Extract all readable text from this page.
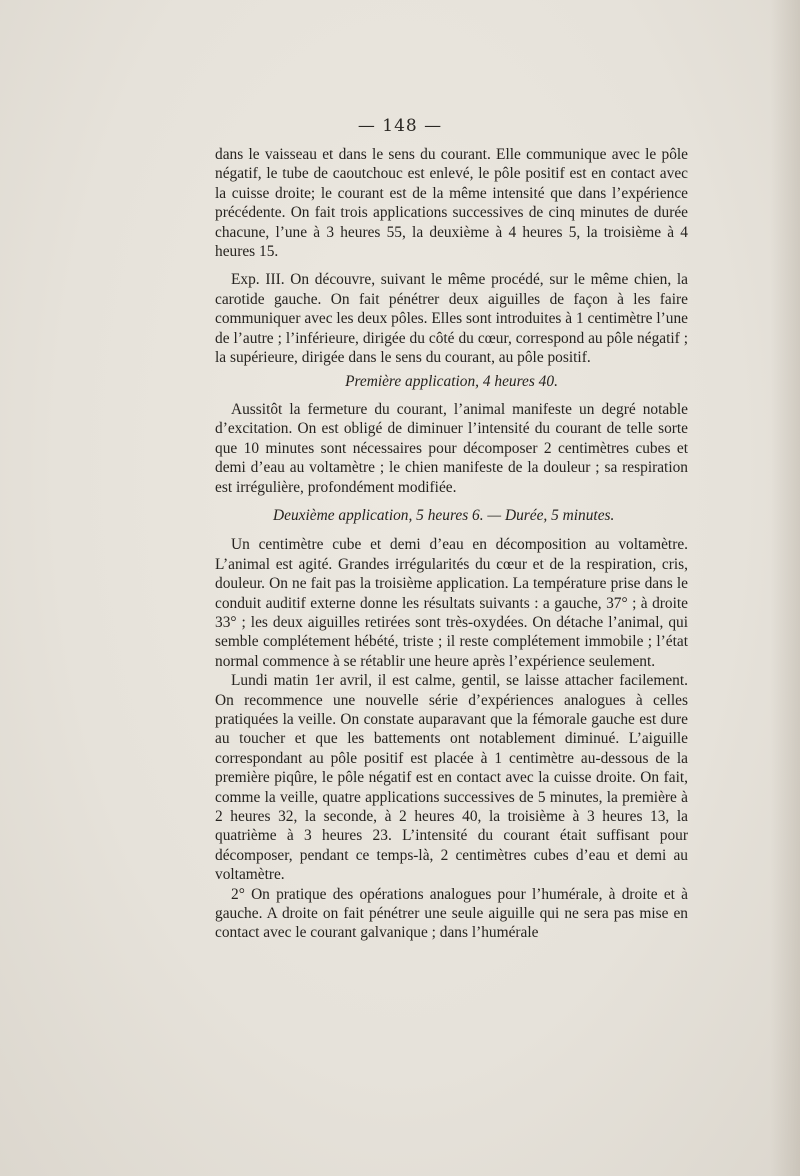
— 148 —

dans le vaisseau et dans le sens du courant. Elle communique avec le pôle négatif, le tube de caoutchouc est enlevé, le pôle positif est en contact avec la cuisse droite; le courant est de la même intensité que dans l’expérience précédente. On fait trois applications successives de cinq minutes de durée chacune, l’une à 3 heures 55, la deuxième à 4 heures 5, la troisième à 4 heures 15.

Exp. III. On découvre, suivant le même procédé, sur le même chien, la carotide gauche. On fait pénétrer deux aiguilles de façon à les faire communiquer avec les deux pôles. Elles sont introduites à 1 centimètre l’une de l’autre ; l’inférieure, dirigée du côté du cœur, correspond au pôle négatif ; la supérieure, dirigée dans le sens du courant, au pôle positif.

Première application, 4 heures 40.

Aussitôt la fermeture du courant, l’animal manifeste un degré notable d’excitation. On est obligé de diminuer l’intensité du courant de telle sorte que 10 minutes sont nécessaires pour décomposer 2 centimètres cubes et demi d’eau au voltamètre ; le chien manifeste de la douleur ; sa respiration est irrégulière, profondément modifiée.

Deuxième application, 5 heures 6. — Durée, 5 minutes.

Un centimètre cube et demi d’eau en décomposition au voltamètre. L’animal est agité. Grandes irrégularités du cœur et de la respiration, cris, douleur. On ne fait pas la troisième application. La température prise dans le conduit auditif externe donne les résultats suivants : a gauche, 37° ; à droite 33° ; les deux aiguilles retirées sont très-oxydées. On détache l’animal, qui semble complétement hébété, triste ; il reste complétement immobile ; l’état normal commence à se rétablir une heure après l’expérience seulement.

Lundi matin 1er avril, il est calme, gentil, se laisse attacher facilement. On recommence une nouvelle série d’expériences analogues à celles pratiquées la veille. On constate auparavant que la fémorale gauche est dure au toucher et que les battements ont notablement diminué. L’aiguille correspondant au pôle positif est placée à 1 centimètre au-dessous de la première piqûre, le pôle négatif est en contact avec la cuisse droite. On fait, comme la veille, quatre applications successives de 5 minutes, la première à 2 heures 32, la seconde, à 2 heures 40, la troisième à 3 heures 13, la quatrième à 3 heures 23. L’intensité du courant était suffisant pour décomposer, pendant ce temps-là, 2 centimètres cubes d’eau et demi au voltamètre.

2° On pratique des opérations analogues pour l’humérale, à droite et à gauche. A droite on fait pénétrer une seule aiguille qui ne sera pas mise en contact avec le courant galvanique ; dans l’humérale
